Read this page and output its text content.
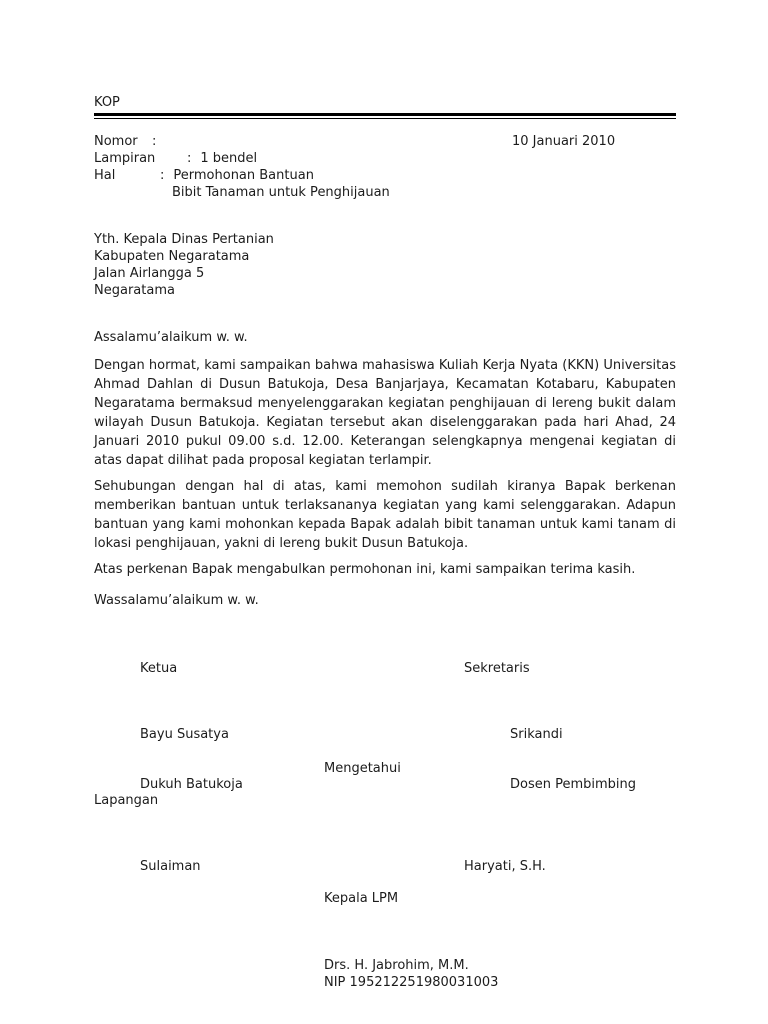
KOP
Nomor :	10 Januari 2010
Lampiran : 1 bendel
Hal	: Permohonan Bantuan
Bibit Tanaman untuk Penghijauan
Yth. Kepala Dinas Pertanian
Kabupaten Negaratama
Jalan Airlangga 5
Negaratama
Assalamu’alaikum w. w.
Dengan hormat, kami sampaikan bahwa mahasiswa Kuliah Kerja Nyata (KKN) Universitas Ahmad Dahlan di Dusun Batukoja, Desa Banjarjaya, Kecamatan Kotabaru, Kabupaten Negaratama bermaksud menyelenggarakan kegiatan penghijauan di lereng bukit dalam wilayah Dusun Batukoja. Kegiatan tersebut akan diselenggarakan pada hari Ahad, 24 Januari 2010 pukul 09.00 s.d. 12.00. Keterangan selengkapnya mengenai kegiatan di atas dapat dilihat pada proposal kegiatan terlampir.
Sehubungan dengan hal di atas, kami memohon sudilah kiranya Bapak berkenan memberikan bantuan untuk terlaksananya kegiatan yang kami selenggarakan. Adapun bantuan yang kami mohonkan kepada Bapak adalah bibit tanaman untuk kami tanam di lokasi penghijauan, yakni di lereng bukit Dusun Batukoja.
Atas perkenan Bapak mengabulkan permohonan ini, kami sampaikan terima kasih.
Wassalamu’alaikum w. w.
Ketua	Sekretaris
Bayu Susatya	Srikandi
Mengetahui
Dukuh Batukoja	Dosen Pembimbing
Lapangan
Sulaiman	Haryati, S.H.
Kepala LPM
Drs. H. Jabrohim, M.M.
NIP 195212251980031003
